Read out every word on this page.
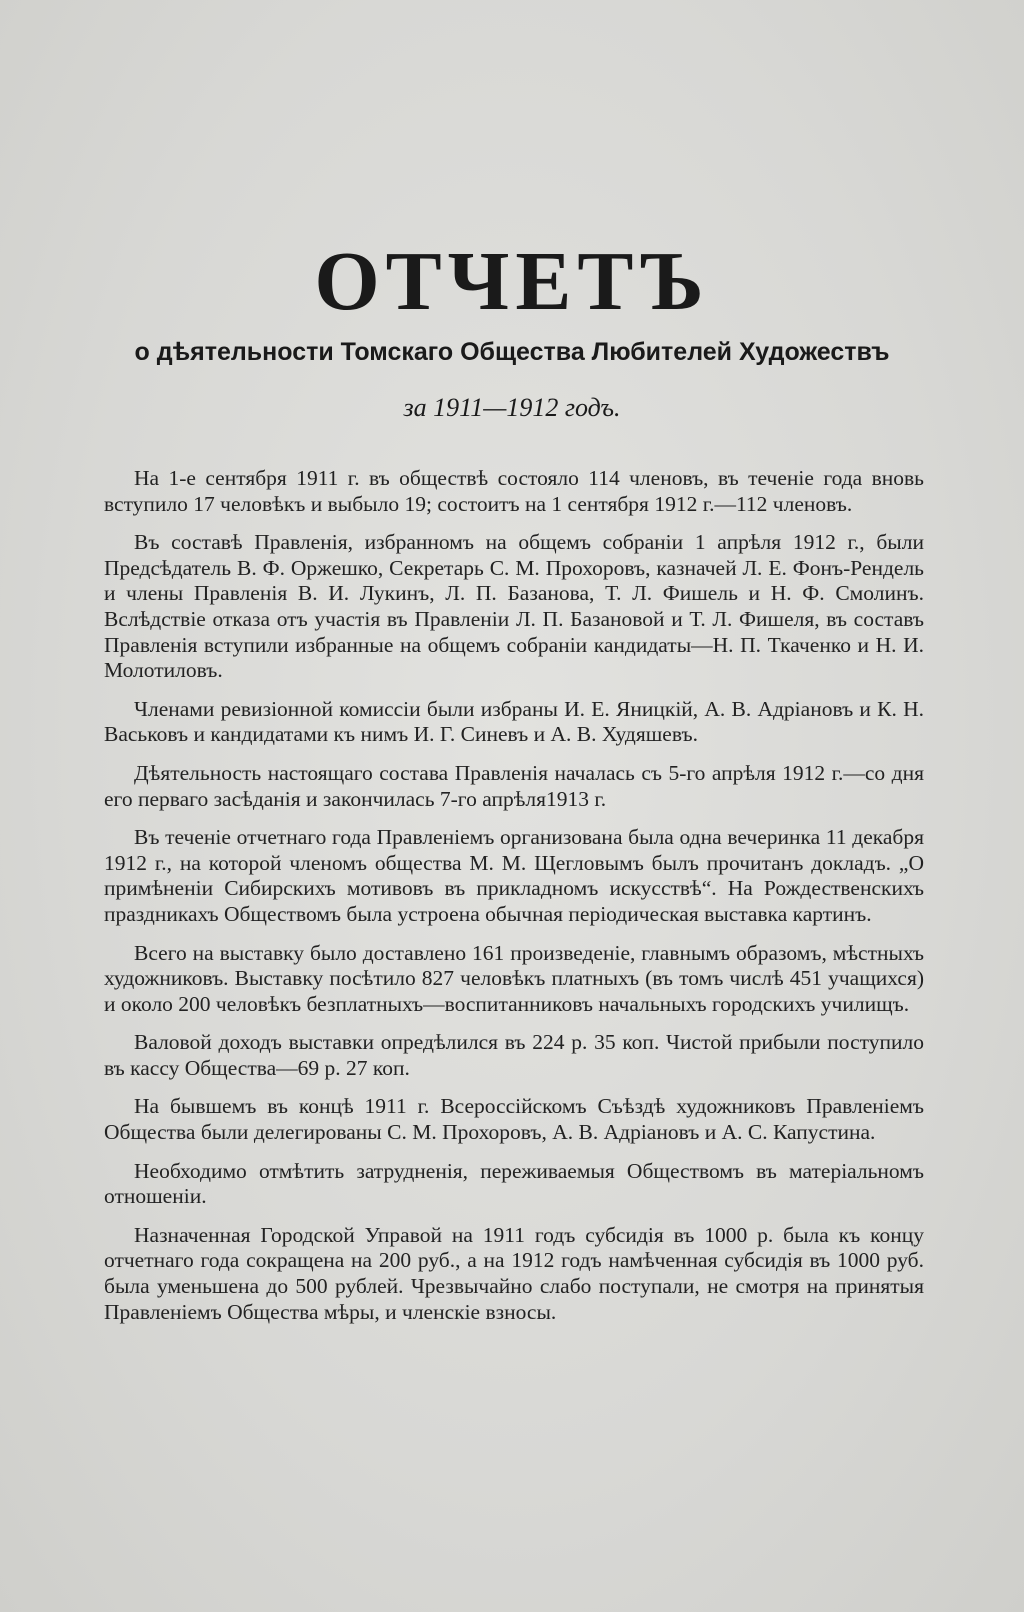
ОТЧЕТЪ
о дѣятельности Томскаго Общества Любителей Художествъ
за 1911—1912 годъ.

На 1-е сентября 1911 г. въ обществѣ состояло 114 членовъ, въ теченіе года вновь вступило 17 человѣкъ и выбыло 19; состоитъ на 1 сентября 1912 г.—112 членовъ.

Въ составѣ Правленія, избранномъ на общемъ собраніи 1 апрѣля 1912 г., были Предсѣдатель В. Ф. Оржешко, Секретарь С. М. Прохоровъ, казначей Л. Е. Фонъ-Рендель и члены Правленія В. И. Лукинъ, Л. П. Базанова, Т. Л. Фишель и Н. Ф. Смолинъ. Вслѣдствіе отказа отъ участія въ Правленіи Л. П. Базановой и Т. Л. Фишеля, въ составъ Правленія вступили избранные на общемъ собраніи кандидаты—Н. П. Ткаченко и Н. И. Молотиловъ.

Членами ревизіонной комиссіи были избраны И. Е. Яницкій, А. В. Адріановъ и К. Н. Васьковъ и кандидатами къ нимъ И. Г. Синевъ и А. В. Худяшевъ.

Дѣятельность настоящаго состава Правленія началась съ 5-го апрѣля 1912 г.—со дня его перваго засѣданія и закончилась 7-го апрѣля1913 г.

Въ теченіе отчетнаго года Правленіемъ организована была одна вечеринка 11 декабря 1912 г., на которой членомъ общества М. М. Щегловымъ былъ прочитанъ докладъ. „О примѣненіи Сибирскихъ мотивовъ въ прикладномъ искусствѣ“. На Рождественскихъ праздникахъ Обществомъ была устроена обычная періодическая выставка картинъ.

Всего на выставку было доставлено 161 произведеніе, главнымъ образомъ, мѣстныхъ художниковъ. Выставку посѣтило 827 человѣкъ платныхъ (въ томъ числѣ 451 учащихся) и около 200 человѣкъ безплатныхъ—воспитанниковъ начальныхъ городскихъ училищъ.

Валовой доходъ выставки опредѣлился въ 224 р. 35 коп. Чистой прибыли поступило въ кассу Общества—69 р. 27 коп.

На бывшемъ въ концѣ 1911 г. Всероссійскомъ Съѣздѣ художниковъ Правленіемъ Общества были делегированы С. М. Прохоровъ, А. В. Адріановъ и А. С. Капустина.

Необходимо отмѣтить затрудненія, переживаемыя Обществомъ въ матеріальномъ отношеніи.

Назначенная Городской Управой на 1911 годъ субсидія въ 1000 р. была къ концу отчетнаго года сокращена на 200 руб., а на 1912 годъ намѣченная субсидія въ 1000 руб. была уменьшена до 500 рублей. Чрезвычайно слабо поступали, не смотря на принятыя Правленіемъ Общества мѣры, и членскіе взносы.
